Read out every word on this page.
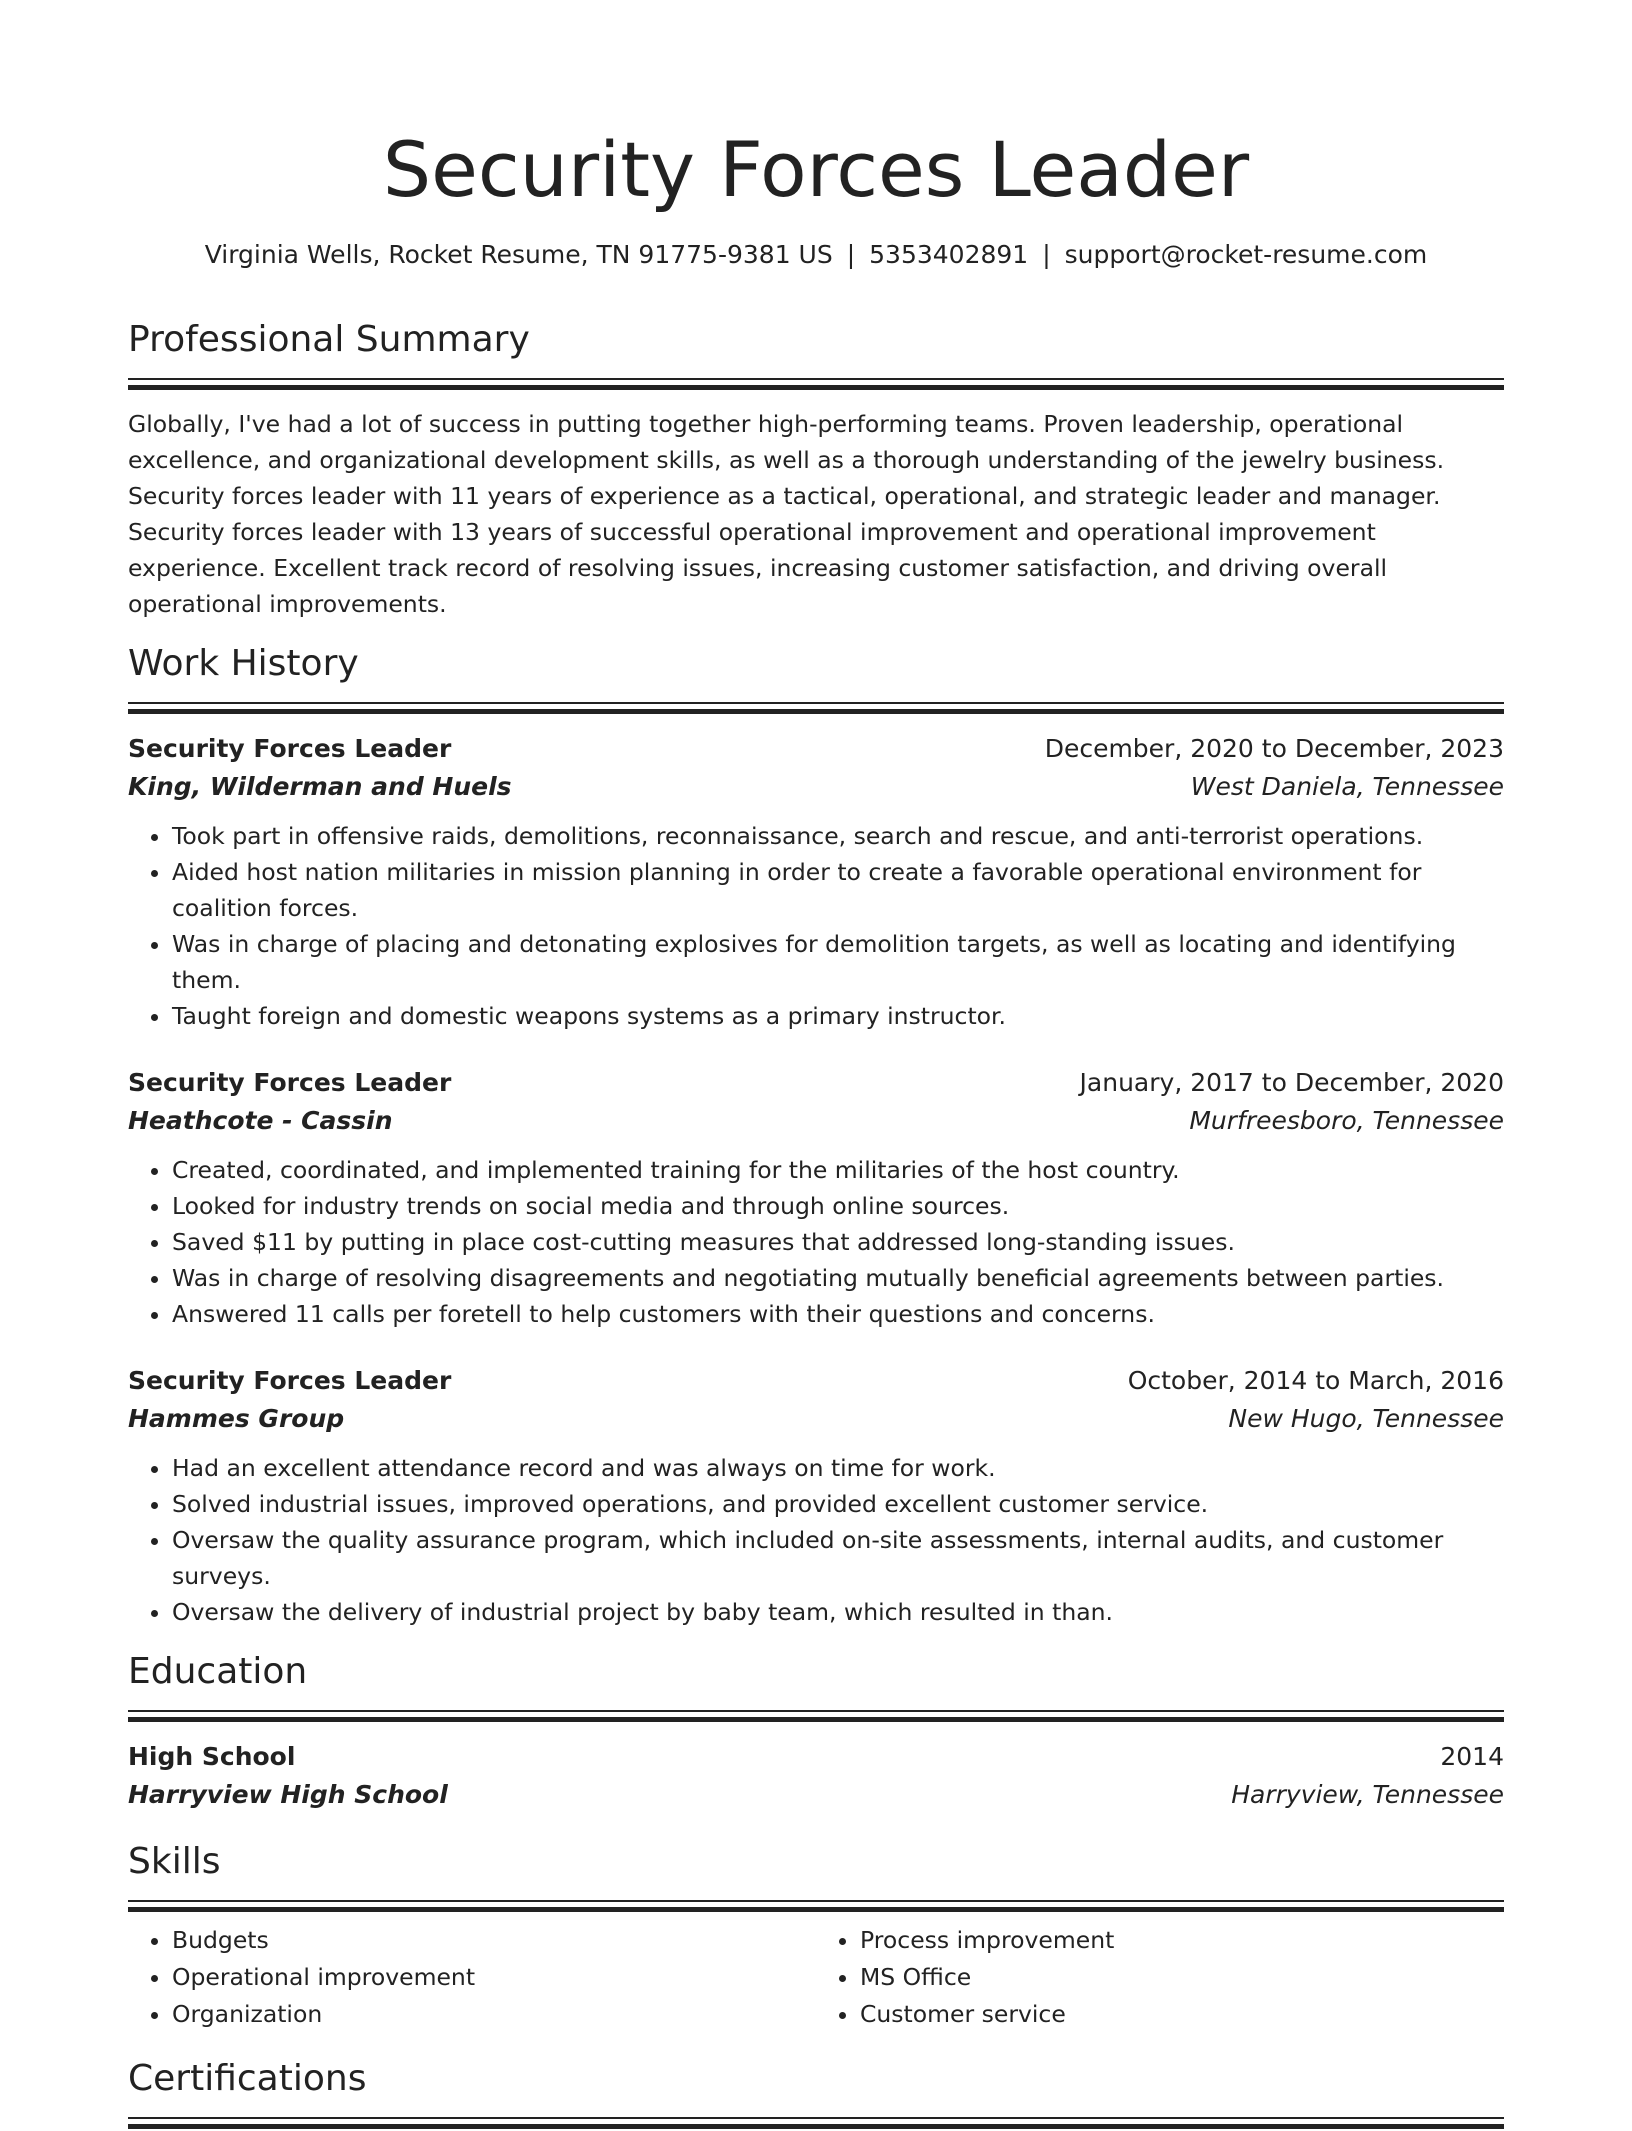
Security Forces Leader
Virginia Wells, Rocket Resume, TN 91775-9381 US | 5353402891 | support@rocket-resume.com
Professional Summary
Globally, I've had a lot of success in putting together high-performing teams. Proven leadership, operational excellence, and organizational development skills, as well as a thorough understanding of the jewelry business. Security forces leader with 11 years of experience as a tactical, operational, and strategic leader and manager. Security forces leader with 13 years of successful operational improvement and operational improvement experience. Excellent track record of resolving issues, increasing customer satisfaction, and driving overall operational improvements.
Work History
Security Forces Leader	December, 2020 to December, 2023
King, Wilderman and Huels	West Daniela, Tennessee
• Took part in offensive raids, demolitions, reconnaissance, search and rescue, and anti-terrorist operations.
• Aided host nation militaries in mission planning in order to create a favorable operational environment for coalition forces.
• Was in charge of placing and detonating explosives for demolition targets, as well as locating and identifying them.
• Taught foreign and domestic weapons systems as a primary instructor.
Security Forces Leader	January, 2017 to December, 2020
Heathcote - Cassin	Murfreesboro, Tennessee
• Created, coordinated, and implemented training for the militaries of the host country.
• Looked for industry trends on social media and through online sources.
• Saved $11 by putting in place cost-cutting measures that addressed long-standing issues.
• Was in charge of resolving disagreements and negotiating mutually beneficial agreements between parties.
• Answered 11 calls per foretell to help customers with their questions and concerns.
Security Forces Leader	October, 2014 to March, 2016
Hammes Group	New Hugo, Tennessee
• Had an excellent attendance record and was always on time for work.
• Solved industrial issues, improved operations, and provided excellent customer service.
• Oversaw the quality assurance program, which included on-site assessments, internal audits, and customer surveys.
• Oversaw the delivery of industrial project by baby team, which resulted in than.
Education
High School	2014
Harryview High School	Harryview, Tennessee
Skills
• Budgets
• Operational improvement
• Organization
• Process improvement
• MS Office
• Customer service
Certifications
